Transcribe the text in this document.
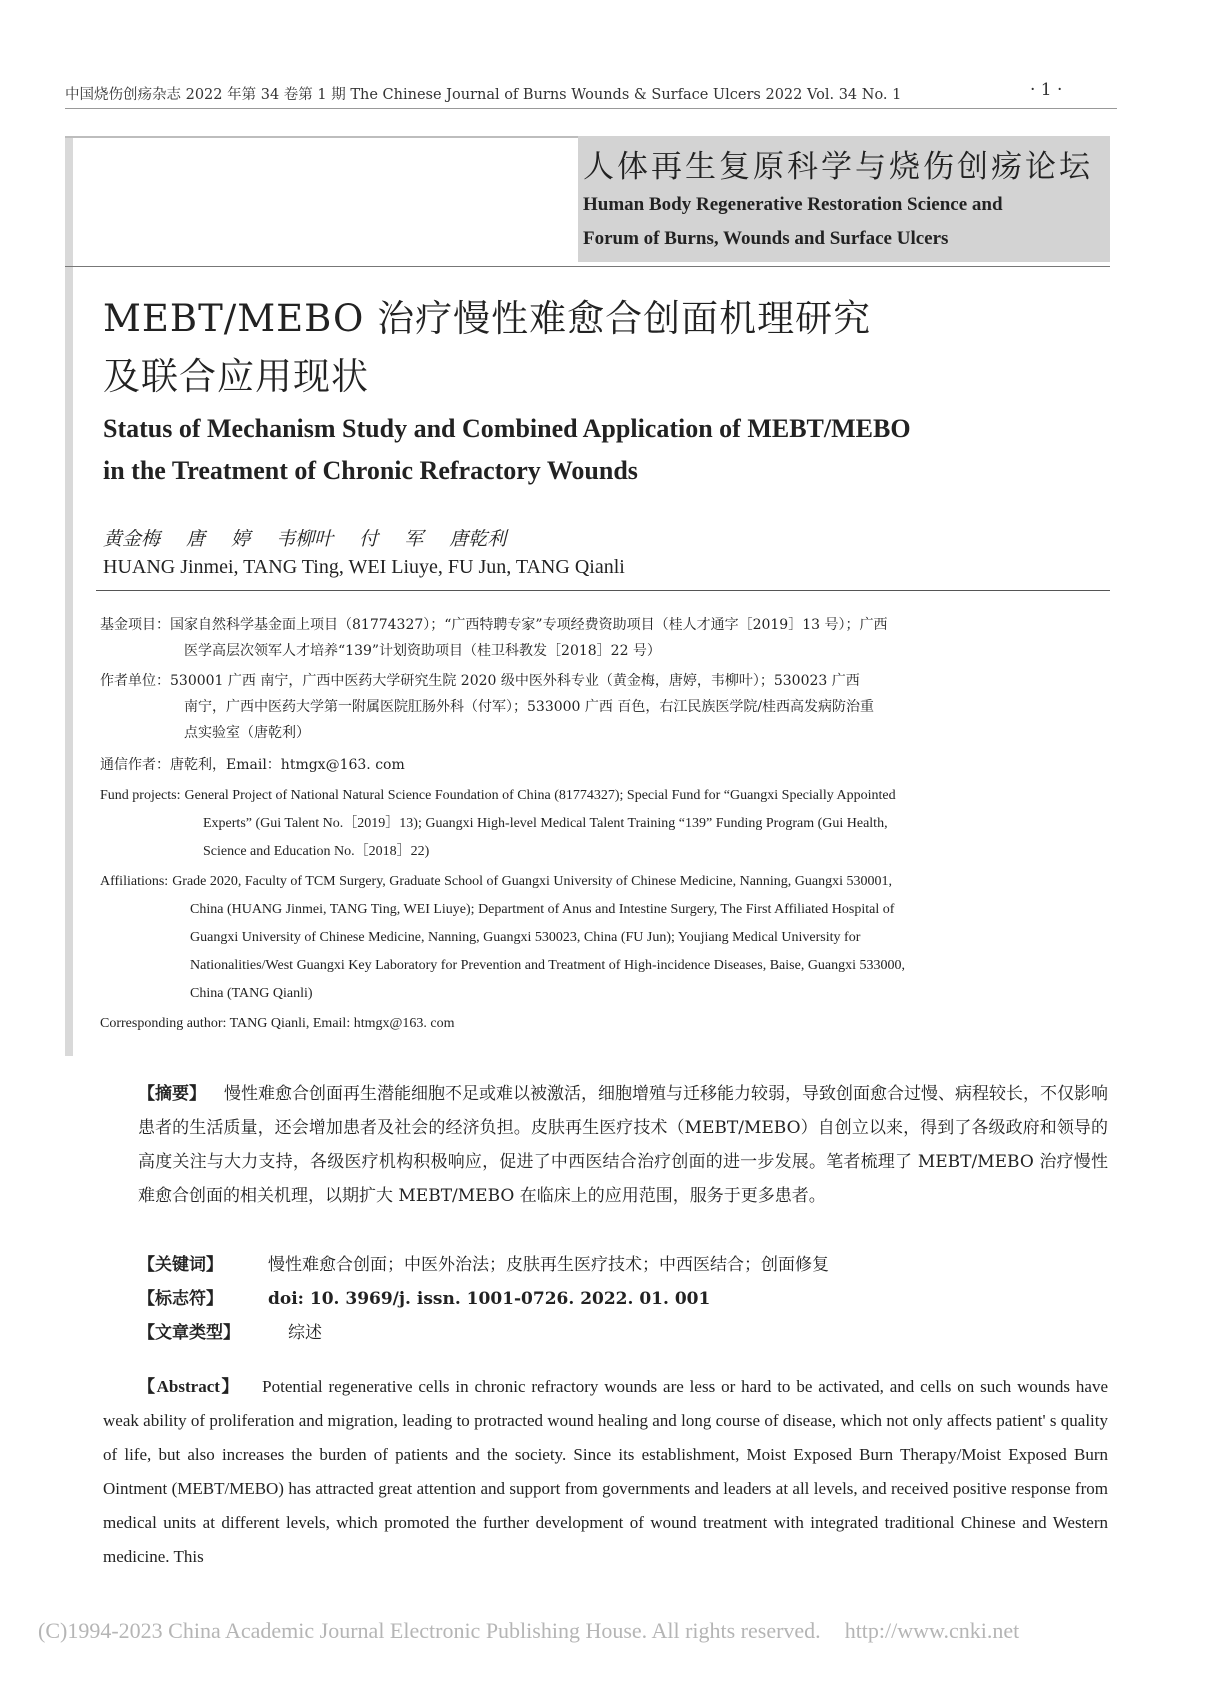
中国烧伤创疡杂志 2022 年第 34 卷第 1 期 The Chinese Journal of Burns Wounds & Surface Ulcers 2022 Vol. 34 No. 1	· 1 ·
人体再生复原科学与烧伤创疡论坛
Human Body Regenerative Restoration Science and
Forum of Burns, Wounds and Surface Ulcers
MEBT/MEBO 治疗慢性难愈合创面机理研究
及联合应用现状
Status of Mechanism Study and Combined Application of MEBT/MEBO
in the Treatment of Chronic Refractory Wounds
黄金梅 唐 婷 韦柳叶 付 军 唐乾利
HUANG Jinmei, TANG Ting, WEI Liuye, FU Jun, TANG Qianli
基金项目： 国家自然科学基金面上项目（81774327）；“广西特聘专家”专项经费资助项目（桂人才通字［2019］13 号）；广西
医学高层次领军人才培养“139”计划资助项目（桂卫科教发［2018］22 号）
作者单位： 530001 广西 南宁，广西中医药大学研究生院 2020 级中医外科专业（黄金梅，唐婷，韦柳叶）；530023 广西
南宁，广西中医药大学第一附属医院肛肠外科（付军）；533000 广西 百色，右江民族医学院/桂西高发病防治重
点实验室（唐乾利）
通信作者： 唐乾利，Email：htmgx@163. com
Fund projects: General Project of National Natural Science Foundation of China (81774327); Special Fund for “Guangxi Specially Appointed
Experts” (Gui Talent No.［2019］13); Guangxi High-level Medical Talent Training “139” Funding Program (Gui Health,
Science and Education No.［2018］22)
Affiliations: Grade 2020, Faculty of TCM Surgery, Graduate School of Guangxi University of Chinese Medicine, Nanning, Guangxi 530001,
China (HUANG Jinmei, TANG Ting, WEI Liuye); Department of Anus and Intestine Surgery, The First Affiliated Hospital of
Guangxi University of Chinese Medicine, Nanning, Guangxi 530023, China (FU Jun); Youjiang Medical University for
Nationalities/West Guangxi Key Laboratory for Prevention and Treatment of High-incidence Diseases, Baise, Guangxi 533000,
China (TANG Qianli)
Corresponding author: TANG Qianli, Email: htmgx@163. com
【摘要】 慢性难愈合创面再生潜能细胞不足或难以被激活，细胞增殖与迁移能力较弱，导致创面愈合过慢、病程较长，不仅影响患者的生活质量，还会增加患者及社会的经济负担。皮肤再生医疗技术（MEBT/MEBO）自创立以来，得到了各级政府和领导的高度关注与大力支持，各级医疗机构积极响应，促进了中西医结合治疗创面的进一步发展。笔者梳理了 MEBT/MEBO 治疗慢性难愈合创面的相关机理，以期扩大 MEBT/MEBO 在临床上的应用范围，服务于更多患者。
【关键词】	慢性难愈合创面；中医外治法；皮肤再生医疗技术；中西医结合；创面修复
【标志符】	doi: 10. 3969/j. issn. 1001-0726. 2022. 01. 001
【文章类型】	综述
【Abstract】 Potential regenerative cells in chronic refractory wounds are less or hard to be activated, and cells on such wounds have weak ability of proliferation and migration, leading to protracted wound healing and long course of disease, which not only affects patient' s quality of life, but also increases the burden of patients and the society. Since its establishment, Moist Exposed Burn Therapy/Moist Exposed Burn Ointment (MEBT/MEBO) has attracted great attention and support from governments and leaders at all levels, and received positive response from medical units at different levels, which promoted the further development of wound treatment with integrated traditional Chinese and Western medicine. This
(C)1994-2023 China Academic Journal Electronic Publishing House. All rights reserved. http://www.cnki.net
